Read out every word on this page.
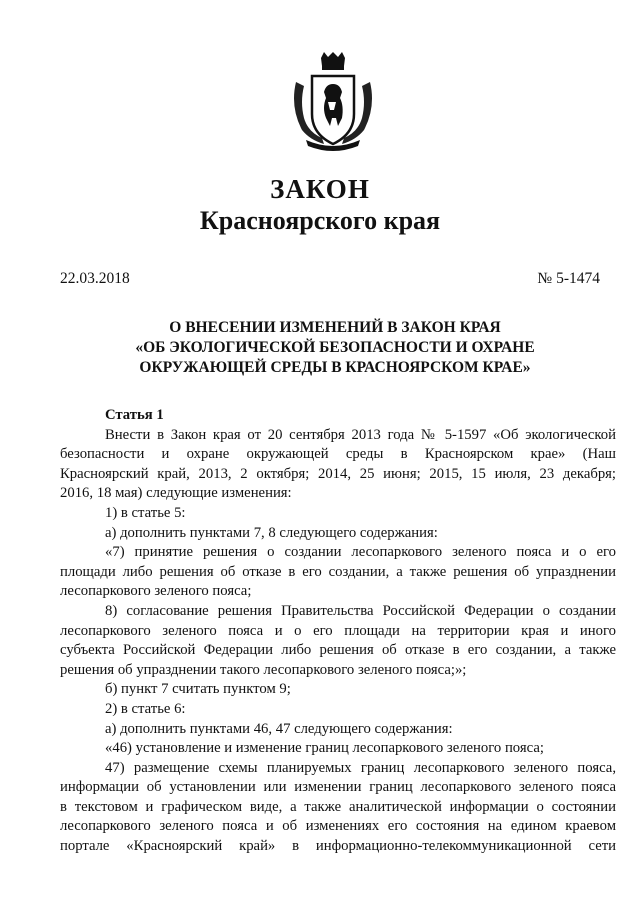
ЗАКОН
Красноярского края
22.03.2018	№ 5-1474
О ВНЕСЕНИИ ИЗМЕНЕНИЙ В ЗАКОН КРАЯ
«ОБ ЭКОЛОГИЧЕСКОЙ БЕЗОПАСНОСТИ И ОХРАНЕ
ОКРУЖАЮЩЕЙ СРЕДЫ В КРАСНОЯРСКОМ КРАЕ»

Статья 1

Внести в Закон края от 20 сентября 2013 года № 5-1597 «Об экологической

безопасности и охране окружающей среды в Красноярском крае» (Наш

Красноярский край, 2013, 2 октября; 2014, 25 июня; 2015, 15 июля, 23 декабря;

2016, 18 мая) следующие изменения:

1) в статье 5:

а) дополнить пунктами 7, 8 следующего содержания:

«7) принятие решения о создании лесопаркового зеленого пояса и о его

площади либо решения об отказе в его создании, а также решения об упразднении

лесопаркового зеленого пояса;

8) согласование решения Правительства Российской Федерации о создании

лесопаркового зеленого пояса и о его площади на территории края и иного

субъекта Российской Федерации либо решения об отказе в его создании, а также

решения об упразднении такого лесопаркового зеленого пояса;»;

б) пункт 7 считать пунктом 9;

2) в статье 6:

а) дополнить пунктами 46, 47 следующего содержания:

«46) установление и изменение границ лесопаркового зеленого пояса;

47) размещение схемы планируемых границ лесопаркового зеленого пояса,

информации об установлении или изменении границ лесопаркового зеленого пояса

в текстовом и графическом виде, а также аналитической информации о состоянии

лесопаркового зеленого пояса и об изменениях его состояния на едином краевом

портале «Красноярский край» в информационно-телекоммуникационной сети
